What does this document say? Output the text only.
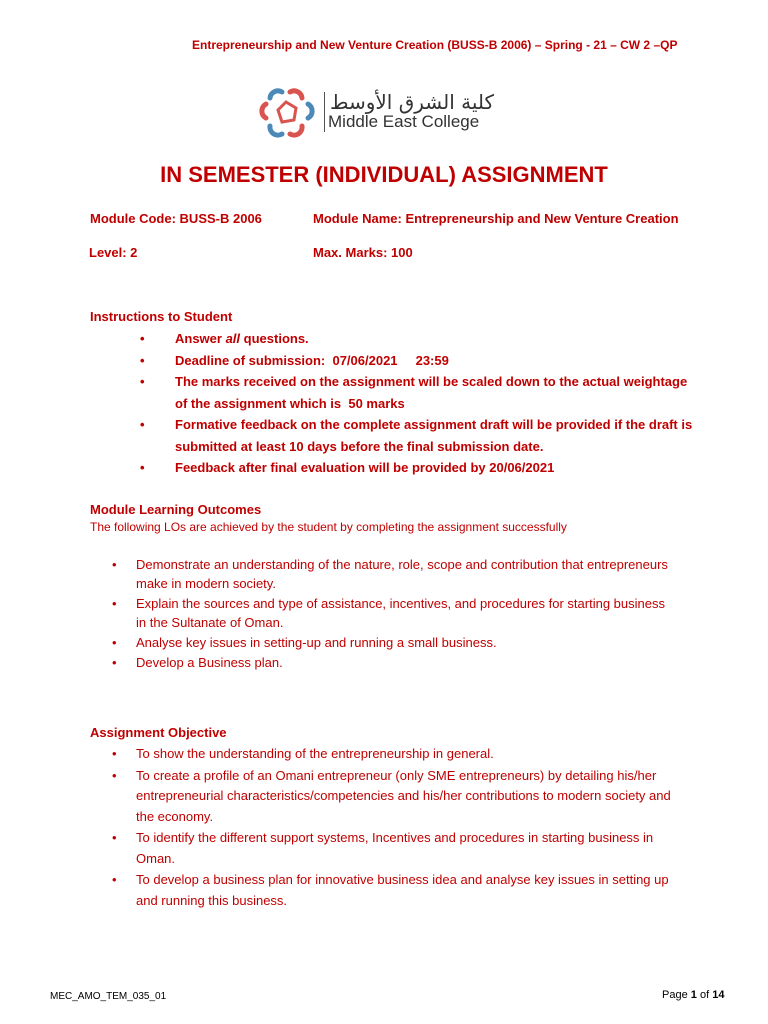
Entrepreneurship and New Venture Creation (BUSS-B 2006) – Spring - 21 – CW 2 –QP
كلية الشرق الأوسط
Middle East College
IN SEMESTER (INDIVIDUAL) ASSIGNMENT
Module Code: BUSS-B 2006	Module Name: Entrepreneurship and New Venture Creation
Level: 2	Max. Marks: 100
Instructions to Student
• Answer all questions.
• Deadline of submission:  07/06/2021     23:59
• The marks received on the assignment will be scaled down to the actual weightage of the assignment which is  50 marks
• Formative feedback on the complete assignment draft will be provided if the draft is submitted at least 10 days before the final submission date.
• Feedback after final evaluation will be provided by 20/06/2021
Module Learning Outcomes
The following LOs are achieved by the student by completing the assignment successfully
• Demonstrate an understanding of the nature, role, scope and contribution that entrepreneurs make in modern society.
• Explain the sources and type of assistance, incentives, and procedures for starting business in the Sultanate of Oman.
• Analyse key issues in setting-up and running a small business.
• Develop a Business plan.
Assignment Objective
• To show the understanding of the entrepreneurship in general.
• To create a profile of an Omani entrepreneur (only SME entrepreneurs) by detailing his/her entrepreneurial characteristics/competencies and his/her contributions to modern society and the economy.
• To identify the different support systems, Incentives and procedures in starting business in Oman.
• To develop a business plan for innovative business idea and analyse key issues in setting up and running this business.
MEC_AMO_TEM_035_01	Page 1 of 14
